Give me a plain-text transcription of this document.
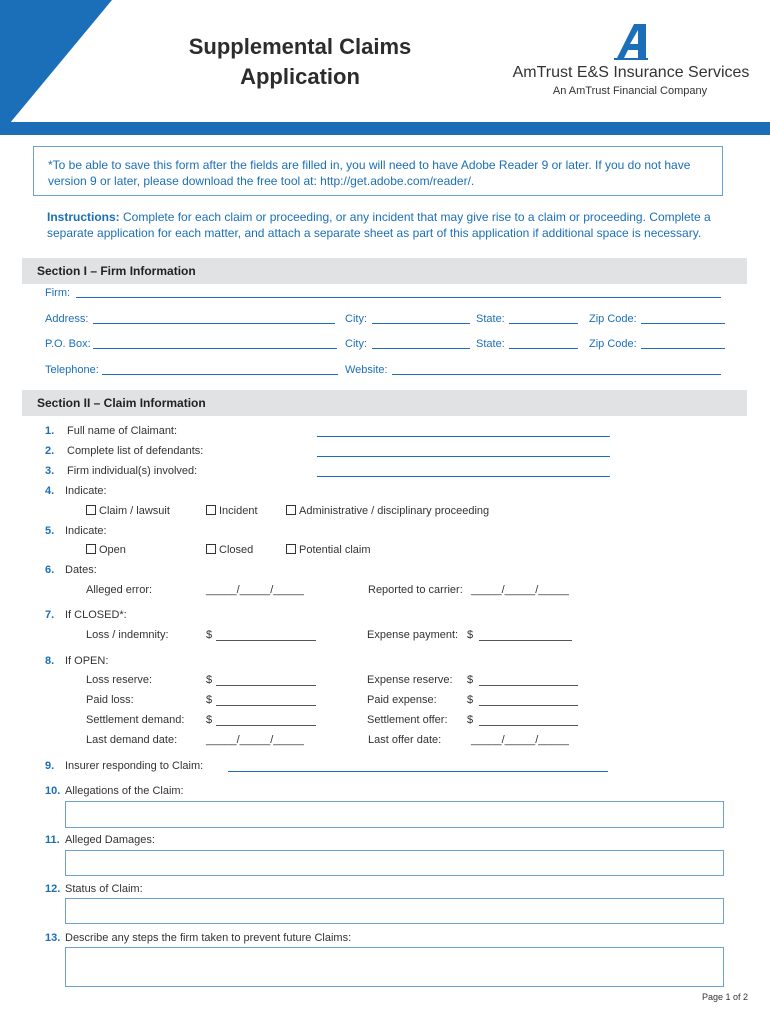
Supplemental Claims
Application	AmTrust E&S Insurance Services
An AmTrust Financial Company
*To be able to save this form after the fields are filled in, you will need to have Adobe Reader 9 or later. If you do not have version 9 or later, please download the free tool at: http://get.adobe.com/reader/.
Instructions: Complete for each claim or proceeding, or any incident that may give rise to a claim or proceeding. Complete a separate application for each matter, and attach a separate sheet as part of this application if additional space is necessary.
Section I – Firm Information
Firm:
Address:	City:	State:	Zip Code:
P.O. Box:	City:	State:	Zip Code:
Telephone:	Website:
Section II – Claim Information
1. Full name of Claimant:
2. Complete list of defendants:
3. Firm individual(s) involved:
4. Indicate:
Claim / lawsuit	Incident	Administrative / disciplinary proceeding
5. Indicate:
Open	Closed	Potential claim
6. Dates:
Alleged error:	_____/_____/_____	Reported to carrier: _____/_____/_____
7. If CLOSED*:
Loss / indemnity:	$	Expense payment: $
8. If OPEN:
Loss reserve:	$	Expense reserve: $
Paid loss:	$	Paid expense:	$
Settlement demand: $	Settlement offer: $
Last demand date:	_____/_____/_____	Last offer date:	_____/_____/_____
9. Insurer responding to Claim:
10. Allegations of the Claim:
11. Alleged Damages:
12. Status of Claim:
13. Describe any steps the firm taken to prevent future Claims:
Page 1 of 2
